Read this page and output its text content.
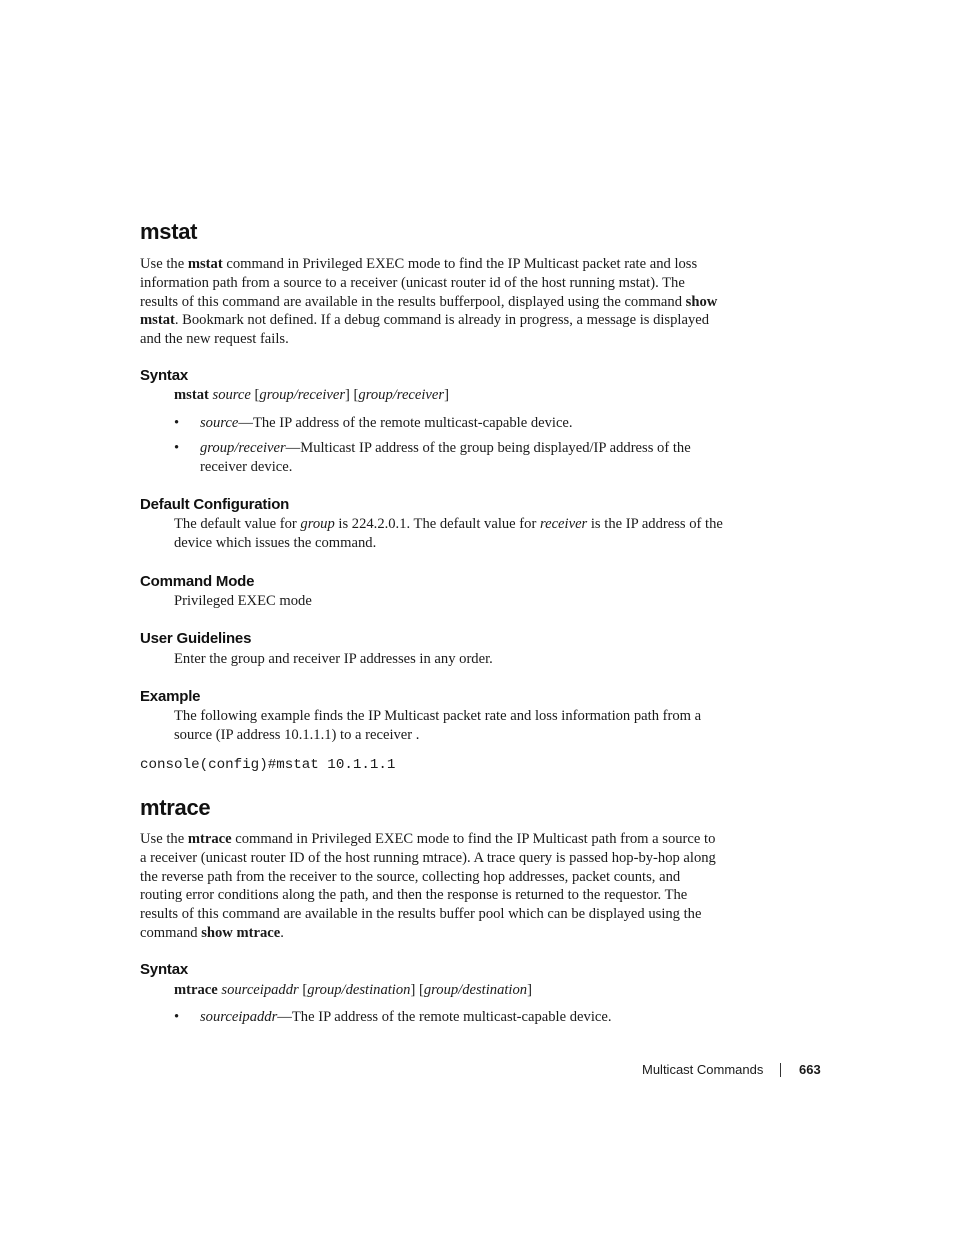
mstat
Use the mstat command in Privileged EXEC mode to find the IP Multicast packet rate and loss
information path from a source to a receiver (unicast router id of the host running mstat). The
results of this command are available in the results bufferpool, displayed using the command show
mstat. Bookmark not defined. If a debug command is already in progress, a message is displayed
and the new request fails.
Syntax
mstat source [group/receiver] [group/receiver]
• source—The IP address of the remote multicast-capable device.
• group/receiver—Multicast IP address of the group being displayed/IP address of the
receiver device.
Default Configuration
The default value for group is 224.2.0.1. The default value for receiver is the IP address of the
device which issues the command.
Command Mode
Privileged EXEC mode
User Guidelines
Enter the group and receiver IP addresses in any order.
Example
The following example finds the IP Multicast packet rate and loss information path from a
source (IP address 10.1.1.1) to a receiver .
console(config)#mstat 10.1.1.1
mtrace
Use the mtrace command in Privileged EXEC mode to find the IP Multicast path from a source to
a receiver (unicast router ID of the host running mtrace). A trace query is passed hop-by-hop along
the reverse path from the receiver to the source, collecting hop addresses, packet counts, and
routing error conditions along the path, and then the response is returned to the requestor. The
results of this command are available in the results buffer pool which can be displayed using the
command show mtrace.
Syntax
mtrace sourceipaddr [group/destination] [group/destination]
• sourceipaddr—The IP address of the remote multicast-capable device.
Multicast Commands	663
